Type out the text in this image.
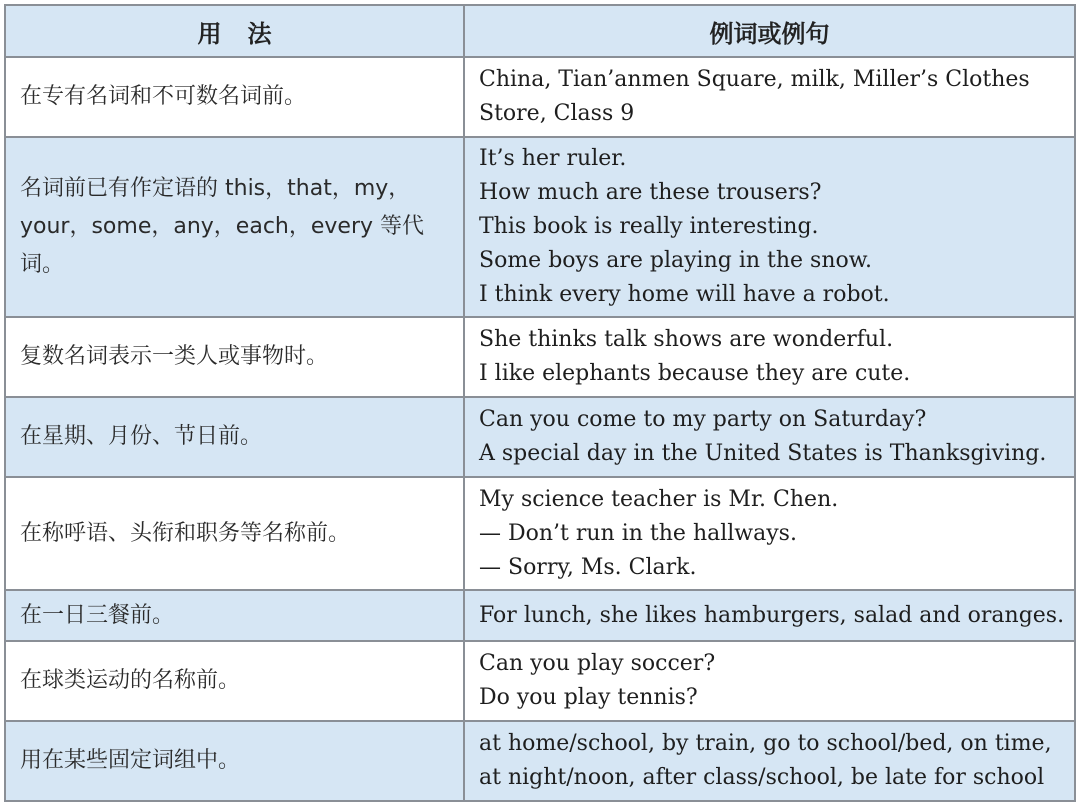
用法	例词或例句
在专有名词和不可数名词前。	China, Tian’anmen Square, milk, Miller’s Clothes Store, Class 9

名词前已有作定语的 this，that，my，your，some，any，each，every 等代词。	It’s her ruler.
How much are these trousers?
This book is really interesting.
Some boys are playing in the snow.
I think every home will have a robot.

复数名词表示一类人或事物时。	She thinks talk shows are wonderful.
I like elephants because they are cute.

在星期、月份、节日前。	Can you come to my party on Saturday?
A special day in the United States is Thanksgiving.

在称呼语、头衔和职务等名称前。	My science teacher is Mr. Chen.
— Don’t run in the hallways.
— Sorry, Ms. Clark.

在一日三餐前。	For lunch, she likes hamburgers, salad and oranges.

在球类运动的名称前。	Can you play soccer?
Do you play tennis?

用在某些固定词组中。	at home/school, by train, go to school/bed, on time,
at night/noon, after class/school, be late for school
